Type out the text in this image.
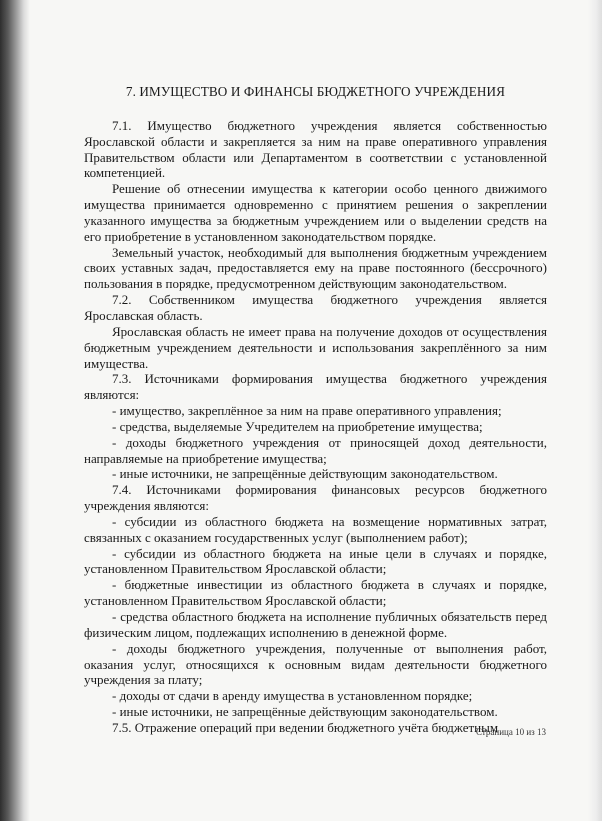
7. ИМУЩЕСТВО И ФИНАНСЫ БЮДЖЕТНОГО УЧРЕЖДЕНИЯ

7.1. Имущество бюджетного учреждения является собственностью Ярославской области и закрепляется за ним на праве оперативного управления Правительством области или Департаментом в соответствии с установленной компетенцией.

Решение об отнесении имущества к категории особо ценного движимого имущества принимается одновременно с принятием решения о закреплении указанного имущества за бюджетным учреждением или о выделении средств на его приобретение в установленном законодательством порядке.

Земельный участок, необходимый для выполнения бюджетным учреждением своих уставных задач, предоставляется ему на праве постоянного (бессрочного) пользования в порядке, предусмотренном действующим законодательством.

7.2. Собственником имущества бюджетного учреждения является Ярославская область.

Ярославская область не имеет права на получение доходов от осуществления бюджетным учреждением деятельности и использования закреплённого за ним имущества.

7.3. Источниками формирования имущества бюджетного учреждения являются:

- имущество, закреплённое за ним на праве оперативного управления;

- средства, выделяемые Учредителем на приобретение имущества;

- доходы бюджетного учреждения от приносящей доход деятельности, направляемые на приобретение имущества;

- иные источники, не запрещённые действующим законодательством.

7.4. Источниками формирования финансовых ресурсов бюджетного учреждения являются:

- субсидии из областного бюджета на возмещение нормативных затрат, связанных с оказанием государственных услуг (выполнением работ);

- субсидии из областного бюджета на иные цели в случаях и порядке, установленном Правительством Ярославской области;

- бюджетные инвестиции из областного бюджета в случаях и порядке, установленном Правительством Ярославской области;

- средства областного бюджета на исполнение публичных обязательств перед физическим лицом, подлежащих исполнению в денежной форме.

- доходы бюджетного учреждения, полученные от выполнения работ, оказания услуг, относящихся к основным видам деятельности бюджетного учреждения за плату;

- доходы от сдачи в аренду имущества в установленном порядке;

- иные источники, не запрещённые действующим законодательством.

7.5. Отражение операций при ведении бюджетного учёта бюджетным

Страница 10 из 13
